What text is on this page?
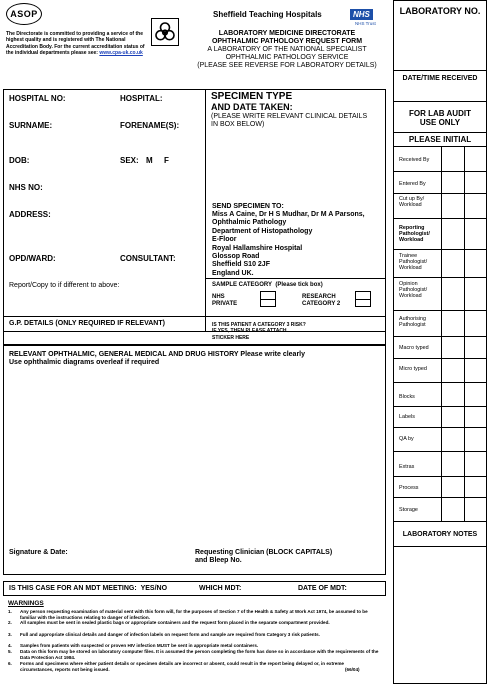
ASOP
The Directorate is committed to providing a service of the highest quality and is registered with The National Accreditation Body. For the current accreditation status of the individual departments please see: www.cpa-uk.co.uk
Sheffield Teaching Hospitals	NHS
NHS Trust
LABORATORY MEDICINE DIRECTORATE
OPHTHALMIC PATHOLOGY REQUEST FORM
A LABORATORY OF THE NATIONAL SPECIALIST
OPHTHALMIC PATHOLOGY SERVICE
(PLEASE SEE REVERSE FOR LABORATORY DETAILS)
HOSPITAL NO:	HOSPITAL:
SURNAME:	FORENAME(S):
DOB:	SEX: M F
NHS NO:
ADDRESS:
OPD/WARD:	CONSULTANT:
Report/Copy to if different to above:
G.P. DETAILS (ONLY REQUIRED IF RELEVANT)
SPECIMEN TYPE
AND DATE TAKEN:
(PLEASE WRITE RELEVANT CLINICAL DETAILS
IN BOX BELOW)
SEND SPECIMEN TO:
Miss A Caine, Dr H S Mudhar, Dr M A Parsons,
Ophthalmic Pathology
Department of Histopathology
E-Floor
Royal Hallamshire Hospital
Glossop Road
Sheffield S10 2JF
England UK.
SAMPLE CATEGORY (Please tick box)
NHS
PRIVATE
RESEARCH
CATEGORY 2
IS THIS PATIENT A CATEGORY 3 RISK?
IF YES, THEN PLEASE ATTACH
STICKER HERE
RELEVANT OPHTHALMIC, GENERAL MEDICAL AND DRUG HISTORY Please write clearly
Use ophthalmic diagrams overleaf if required
Signature & Date:	Requesting Clinician (BLOCK CAPITALS)
and Bleep No.
IS THIS CASE FOR AN MDT MEETING: YES/NO	WHICH MDT:	DATE OF MDT:
WARNINGS
1. Any person requesting examination of material sent with this form will, for the purposes of Section 7 of the Health & Safety at Work Act 1974, be assumed to be familiar with the instructions relating to danger of infection.
2. All samples must be sent in sealed plastic bags or appropriate containers and the request form placed in the separate compartment provided.
3. Full and appropriate clinical details and danger of infection labels on request form and sample are required from Category 3 risk patients.
4. Samples from patients with suspected or proven HIV infection MUST be sent in appropriate metal containers.
5. Data on this form may be stored on laboratory computer files. It is assumed the person completing the form has done so in accordance with the requirements of the Data Protection Act 1984.
6. Forms and specimens where either patient details or specimen details are incorrect or absent, could result in the report being delayed or, in extreme circumstances, reports not being issued.	(66/04)
LABORATORY NO.
DATE/TIME RECEIVED
FOR LAB AUDIT
USE ONLY
PLEASE INITIAL
Received By
Entered By
Cut up By/ Workload
Reporting Pathologist/ Workload
Trainee Pathologist/ Workload
Opinion Pathologist/ Workload
Authorising Pathologist
Macro typed
Micro typed
Blocks
Labels
QA by
Extras
Process
Storage
LABORATORY NOTES
